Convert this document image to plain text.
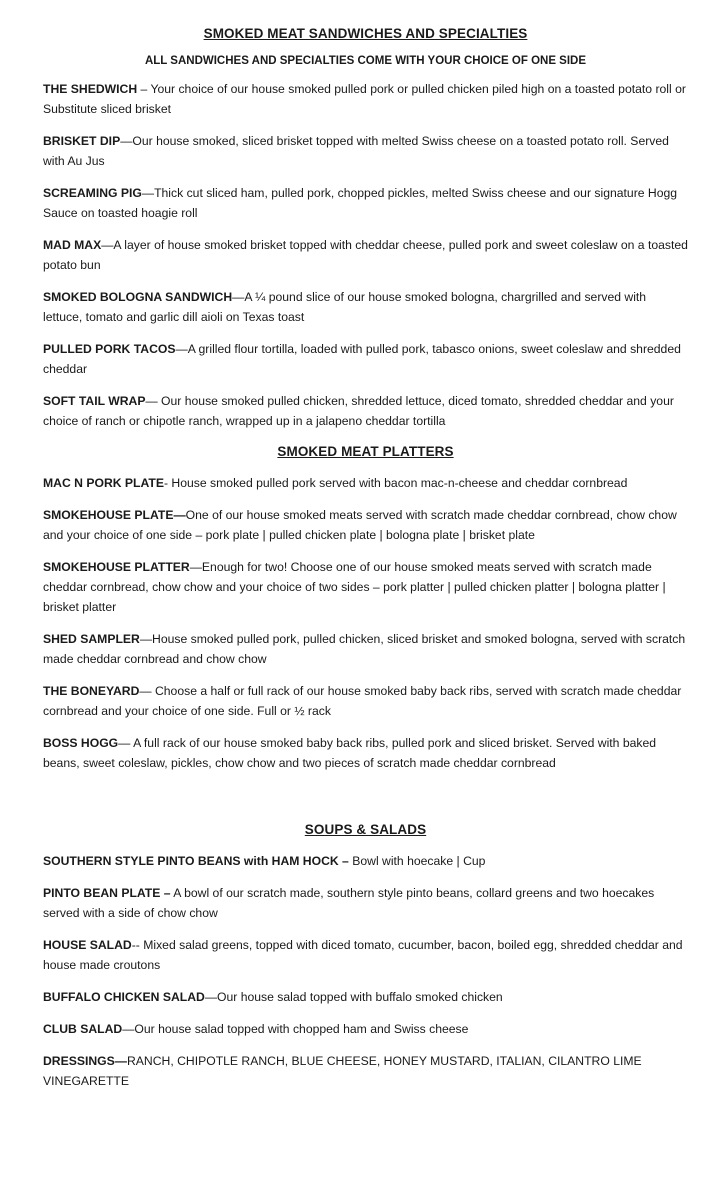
SMOKED MEAT SANDWICHES AND SPECIALTIES

ALL SANDWICHES AND SPECIALTIES COME WITH YOUR CHOICE OF ONE SIDE

THE SHEDWICH – Your choice of our house smoked pulled pork or pulled chicken piled high on a toasted potato roll or Substitute sliced brisket

BRISKET DIP—Our house smoked, sliced brisket topped with melted Swiss cheese on a toasted potato roll. Served with Au Jus

SCREAMING PIG—Thick cut sliced ham, pulled pork, chopped pickles, melted Swiss cheese and our signature Hogg Sauce on toasted hoagie roll

MAD MAX—A layer of house smoked brisket topped with cheddar cheese, pulled pork and sweet coleslaw on a toasted potato bun

SMOKED BOLOGNA SANDWICH—A ¼ pound slice of our house smoked bologna, chargrilled and served with lettuce, tomato and garlic dill aioli on Texas toast

PULLED PORK TACOS—A grilled flour tortilla, loaded with pulled pork, tabasco onions, sweet coleslaw and shredded cheddar

SOFT TAIL WRAP— Our house smoked pulled chicken, shredded lettuce, diced tomato, shredded cheddar and your choice of ranch or chipotle ranch, wrapped up in a jalapeno cheddar tortilla

SMOKED MEAT PLATTERS

MAC N PORK PLATE- House smoked pulled pork served with bacon mac-n-cheese and cheddar cornbread

SMOKEHOUSE PLATE—One of our house smoked meats served with scratch made cheddar cornbread, chow chow and your choice of one side – pork plate | pulled chicken plate | bologna plate | brisket plate

SMOKEHOUSE PLATTER—Enough for two! Choose one of our house smoked meats served with scratch made cheddar cornbread, chow chow and your choice of two sides – pork platter | pulled chicken platter | bologna platter | brisket platter

SHED SAMPLER—House smoked pulled pork, pulled chicken, sliced brisket and smoked bologna, served with scratch made cheddar cornbread and chow chow

THE BONEYARD— Choose a half or full rack of our house smoked baby back ribs, served with scratch made cheddar cornbread and your choice of one side. Full or ½ rack

BOSS HOGG— A full rack of our house smoked baby back ribs, pulled pork and sliced brisket. Served with baked beans, sweet coleslaw, pickles, chow chow and two pieces of scratch made cheddar cornbread

SOUPS & SALADS

SOUTHERN STYLE PINTO BEANS with HAM HOCK – Bowl with hoecake | Cup

PINTO BEAN PLATE – A bowl of our scratch made, southern style pinto beans, collard greens and two hoecakes served with a side of chow chow

HOUSE SALAD-- Mixed salad greens, topped with diced tomato, cucumber, bacon, boiled egg, shredded cheddar and house made croutons

BUFFALO CHICKEN SALAD—Our house salad topped with buffalo smoked chicken

CLUB SALAD—Our house salad topped with chopped ham and Swiss cheese

DRESSINGS—RANCH, CHIPOTLE RANCH, BLUE CHEESE, HONEY MUSTARD, ITALIAN, CILANTRO LIME VINEGARETTE
